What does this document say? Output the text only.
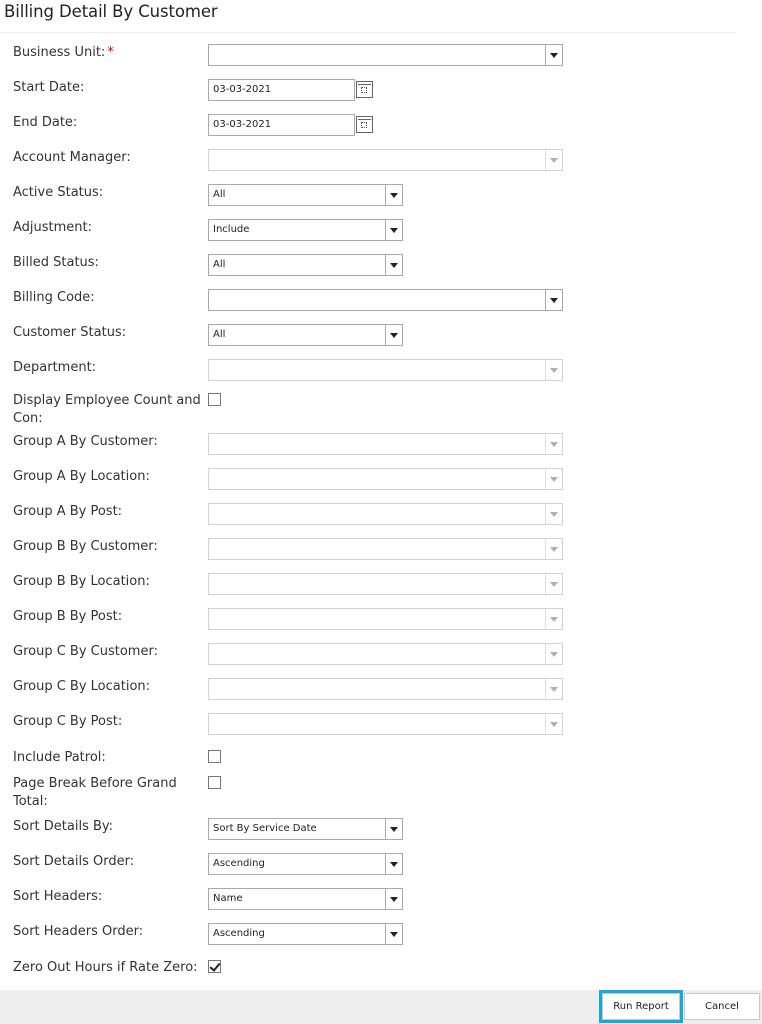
Billing Detail By Customer
Business Unit: *
Start Date:	03-03-2021
End Date:	03-03-2021
Account Manager:
Active Status:	All
Adjustment:	Include
Billed Status:	All
Billing Code:
Customer Status:	All
Department:
Display Employee Count and
Con:
Group A By Customer:
Group A By Location:
Group A By Post:
Group B By Customer:
Group B By Location:
Group B By Post:
Group C By Customer:
Group C By Location:
Group C By Post:
Include Patrol:
Page Break Before Grand
Total:
Sort Details By:	Sort By Service Date
Sort Details Order:	Ascending
Sort Headers:	Name
Sort Headers Order:	Ascending
Zero Out Hours if Rate Zero:
Run Report	Cancel
